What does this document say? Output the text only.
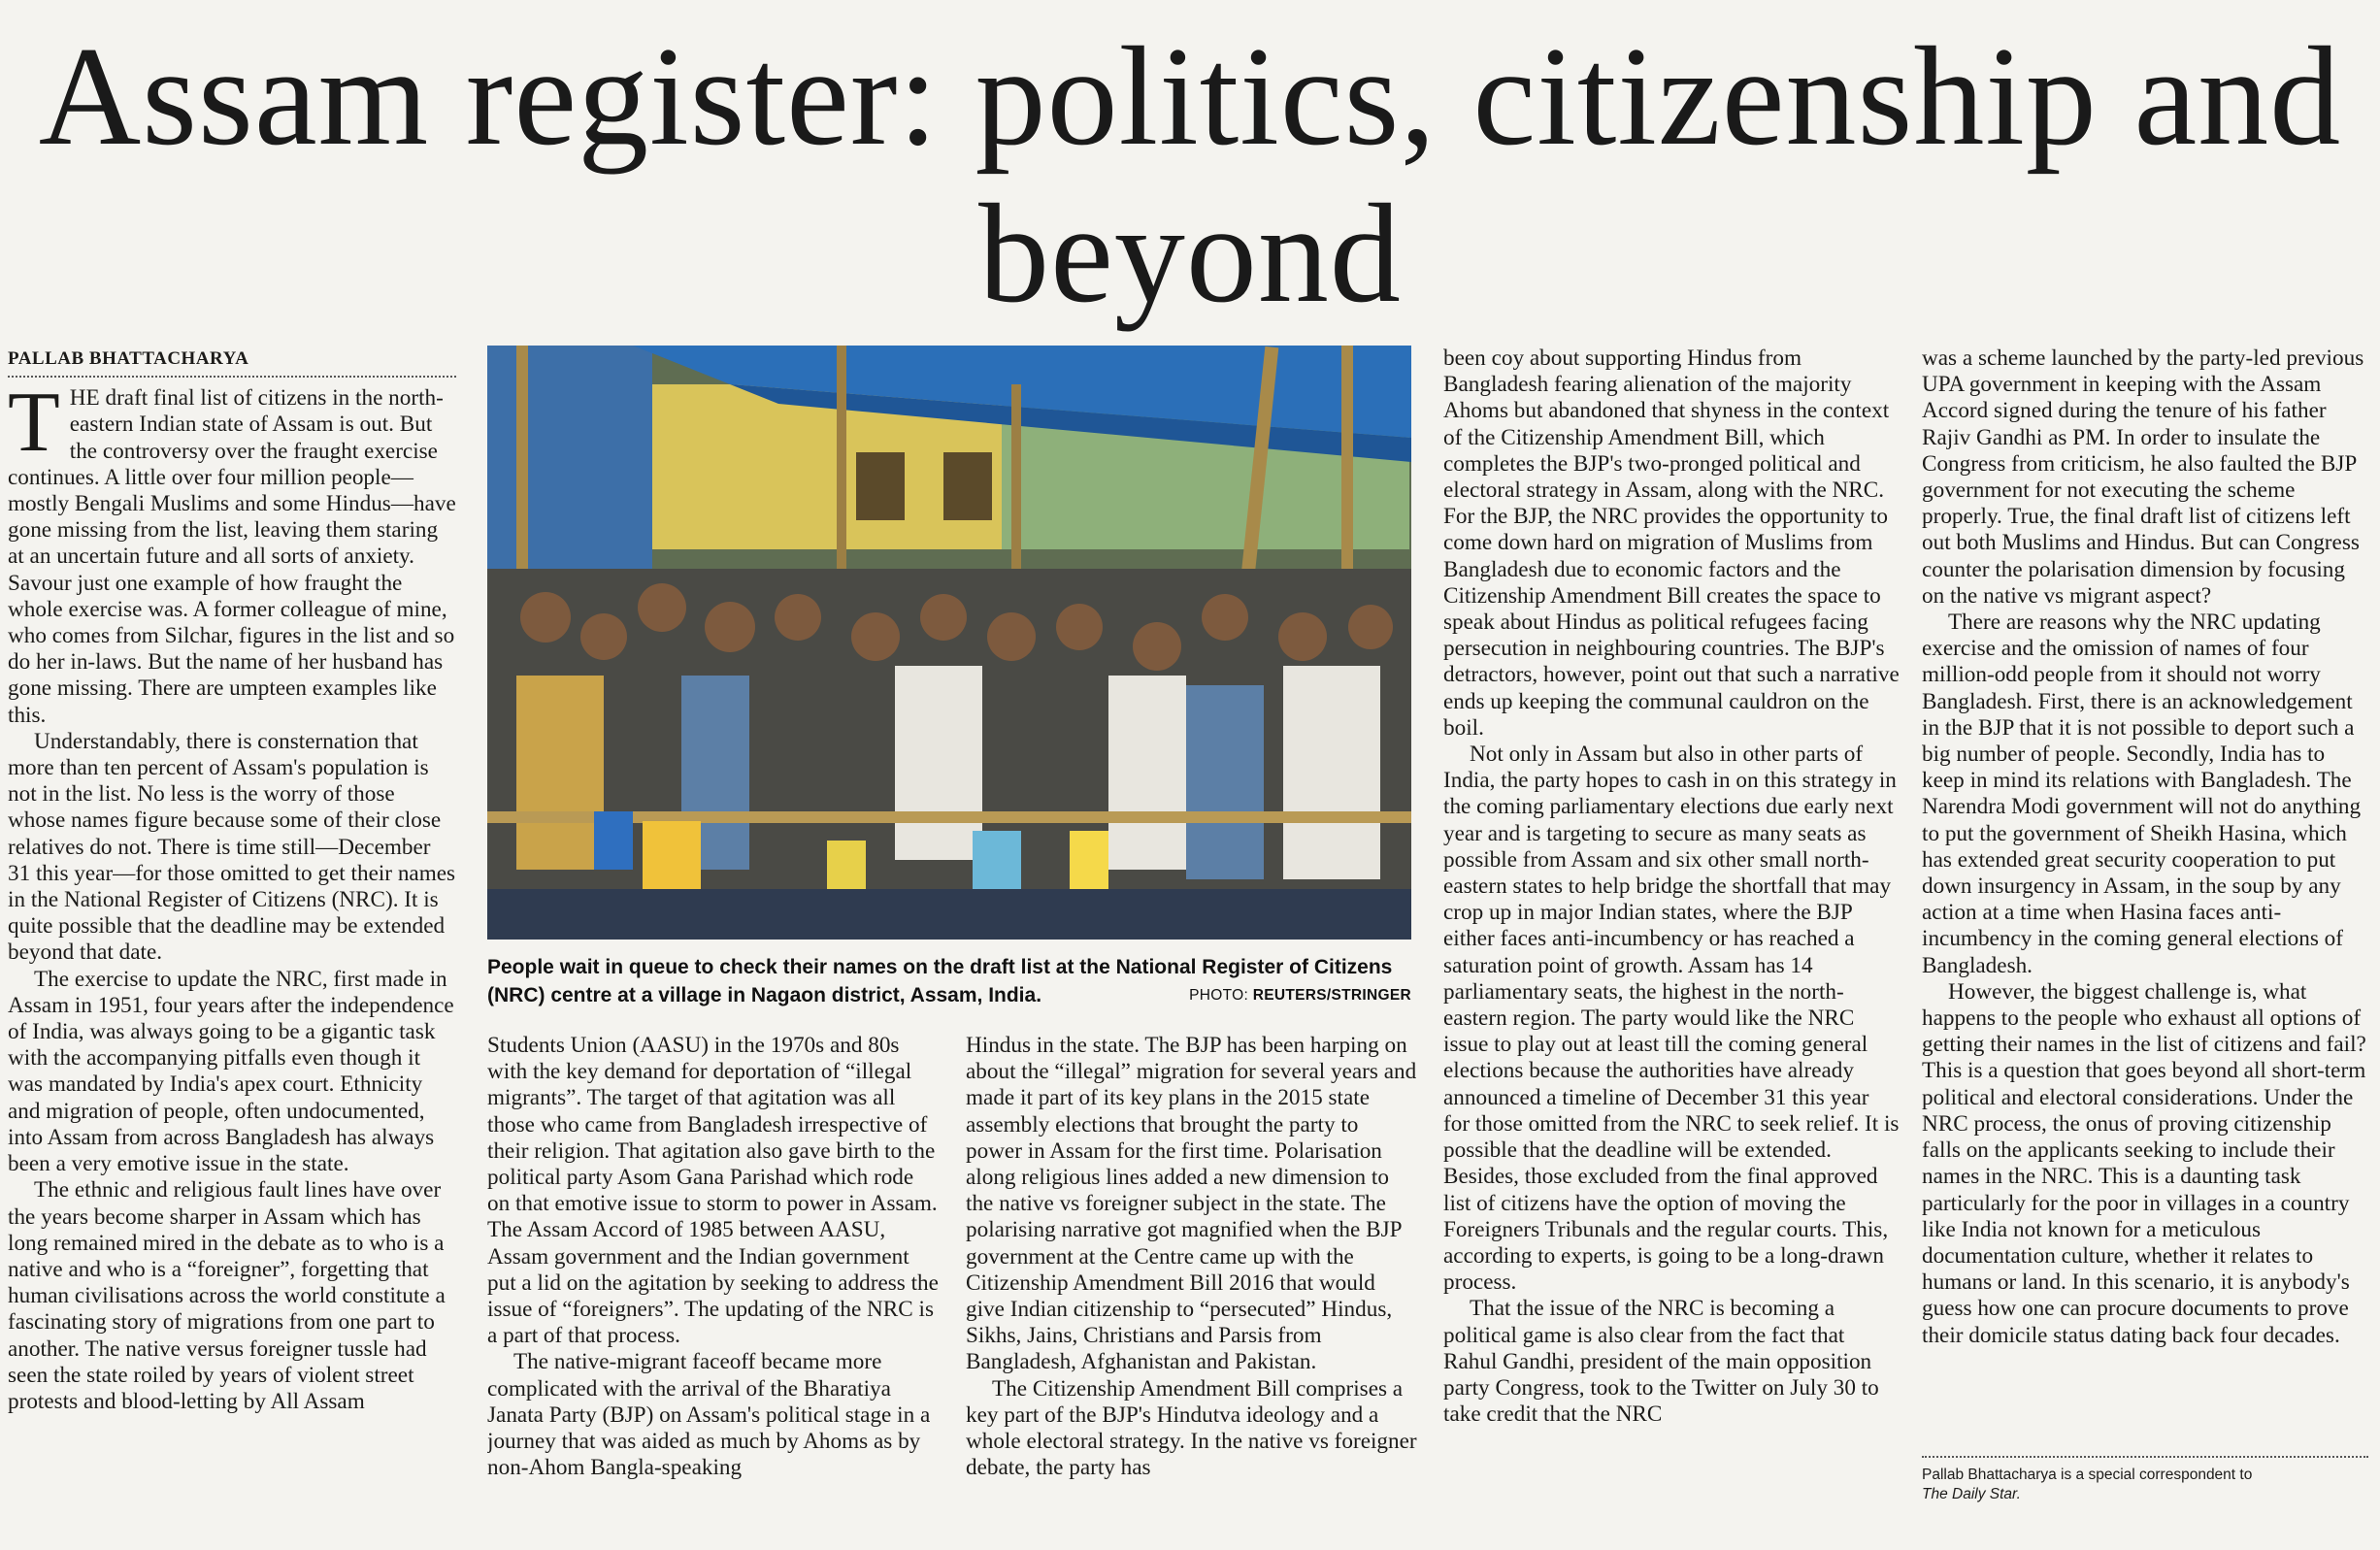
Assam register: politics, citizenship and beyond
PALLAB BHATTACHARYA

THE draft final list of citizens in the north-eastern Indian state of Assam is out. But the controversy over the fraught exercise continues. A little over four million people—mostly Bengali Muslims and some Hindus—have gone missing from the list, leaving them staring at an uncertain future and all sorts of anxiety. Savour just one example of how fraught the whole exercise was. A former colleague of mine, who comes from Silchar, figures in the list and so do her in-laws. But the name of her husband has gone missing. There are umpteen examples like this.

Understandably, there is consternation that more than ten percent of Assam's population is not in the list. No less is the worry of those whose names figure because some of their close relatives do not. There is time still—December 31 this year—for those omitted to get their names in the National Register of Citizens (NRC). It is quite possible that the deadline may be extended beyond that date.

The exercise to update the NRC, first made in Assam in 1951, four years after the independence of India, was always going to be a gigantic task with the accompanying pitfalls even though it was mandated by India's apex court. Ethnicity and migration of people, often undocumented, into Assam from across Bangladesh has always been a very emotive issue in the state.

The ethnic and religious fault lines have over the years become sharper in Assam which has long remained mired in the debate as to who is a native and who is a “foreigner”, forgetting that human civilisations across the world constitute a fascinating story of migrations from one part to another. The native versus foreigner tussle had seen the state roiled by years of violent street protests and blood-letting by All Assam

People wait in queue to check their names on the draft list at the National Register of Citizens (NRC) centre at a village in Nagaon district, Assam, India.	PHOTO: REUTERS/STRINGER

Students Union (AASU) in the 1970s and 80s with the key demand for deportation of “illegal migrants”. The target of that agitation was all those who came from Bangladesh irrespective of their religion. That agitation also gave birth to the political party Asom Gana Parishad which rode on that emotive issue to storm to power in Assam. The Assam Accord of 1985 between AASU, Assam government and the Indian government put a lid on the agitation by seeking to address the issue of “foreigners”. The updating of the NRC is a part of that process.

The native-migrant faceoff became more complicated with the arrival of the Bharatiya Janata Party (BJP) on Assam's political stage in a journey that was aided as much by Ahoms as by non-Ahom Bangla-speaking

Hindus in the state. The BJP has been harping on about the “illegal” migration for several years and made it part of its key plans in the 2015 state assembly elections that brought the party to power in Assam for the first time. Polarisation along religious lines added a new dimension to the native vs foreigner subject in the state. The polarising narrative got magnified when the BJP government at the Centre came up with the Citizenship Amendment Bill 2016 that would give Indian citizenship to “persecuted” Hindus, Sikhs, Jains, Christians and Parsis from Bangladesh, Afghanistan and Pakistan.

The Citizenship Amendment Bill comprises a key part of the BJP's Hindutva ideology and a whole electoral strategy. In the native vs foreigner debate, the party has

been coy about supporting Hindus from Bangladesh fearing alienation of the majority Ahoms but abandoned that shyness in the context of the Citizenship Amendment Bill, which completes the BJP's two-pronged political and electoral strategy in Assam, along with the NRC. For the BJP, the NRC provides the opportunity to come down hard on migration of Muslims from Bangladesh due to economic factors and the Citizenship Amendment Bill creates the space to speak about Hindus as political refugees facing persecution in neighbouring countries. The BJP's detractors, however, point out that such a narrative ends up keeping the communal cauldron on the boil.

Not only in Assam but also in other parts of India, the party hopes to cash in on this strategy in the coming parliamentary elections due early next year and is targeting to secure as many seats as possible from Assam and six other small north-eastern states to help bridge the shortfall that may crop up in major Indian states, where the BJP either faces anti-incumbency or has reached a saturation point of growth. Assam has 14 parliamentary seats, the highest in the north-eastern region. The party would like the NRC issue to play out at least till the coming general elections because the authorities have already announced a timeline of December 31 this year for those omitted from the NRC to seek relief. It is possible that the deadline will be extended. Besides, those excluded from the final approved list of citizens have the option of moving the Foreigners Tribunals and the regular courts. This, according to experts, is going to be a long-drawn process.

That the issue of the NRC is becoming a political game is also clear from the fact that Rahul Gandhi, president of the main opposition party Congress, took to the Twitter on July 30 to take credit that the NRC

was a scheme launched by the party-led previous UPA government in keeping with the Assam Accord signed during the tenure of his father Rajiv Gandhi as PM. In order to insulate the Congress from criticism, he also faulted the BJP government for not executing the scheme properly. True, the final draft list of citizens left out both Muslims and Hindus. But can Congress counter the polarisation dimension by focusing on the native vs migrant aspect?

There are reasons why the NRC updating exercise and the omission of names of four million-odd people from it should not worry Bangladesh. First, there is an acknowledgement in the BJP that it is not possible to deport such a big number of people. Secondly, India has to keep in mind its relations with Bangladesh. The Narendra Modi government will not do anything to put the government of Sheikh Hasina, which has extended great security cooperation to put down insurgency in Assam, in the soup by any action at a time when Hasina faces anti-incumbency in the coming general elections of Bangladesh.

However, the biggest challenge is, what happens to the people who exhaust all options of getting their names in the list of citizens and fail? This is a question that goes beyond all short-term political and electoral considerations. Under the NRC process, the onus of proving citizenship falls on the applicants seeking to include their names in the NRC. This is a daunting task particularly for the poor in villages in a country like India not known for a meticulous documentation culture, whether it relates to humans or land. In this scenario, it is anybody's guess how one can procure documents to prove their domicile status dating back four decades.

Pallab Bhattacharya is a special correspondent to
The Daily Star.
